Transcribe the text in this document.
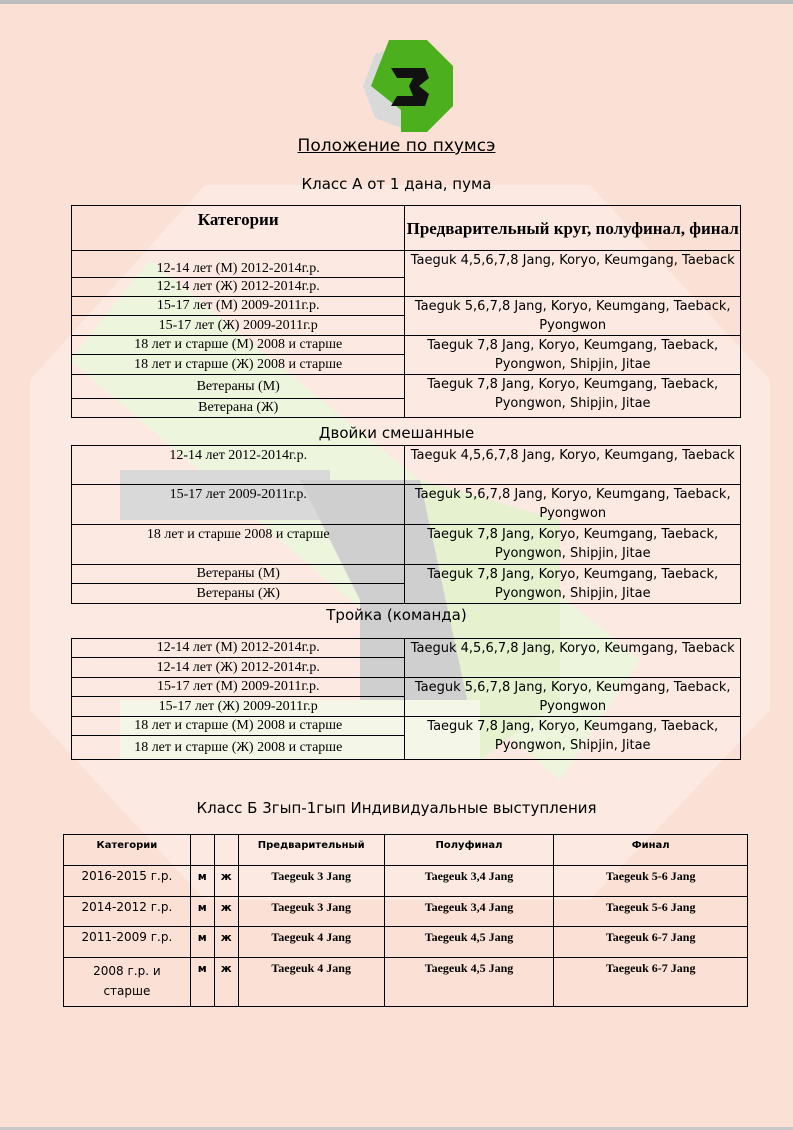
Положение по пхумсэ
Класс А от 1 дана, пума
Категории	Предварительный круг, полуфинал, финал
12-14 лет (М) 2012-2014г.р.	Taeguk 4,5,6,7,8 Jang, Koryo, Keumgang, Taeback
12-14 лет (Ж) 2012-2014г.р.	
15-17 лет (М) 2009-2011г.р.	Taeguk 5,6,7,8 Jang, Koryo, Keumgang, Taeback, Pyongwon
15-17 лет (Ж) 2009-2011г.р	
18 лет и старше (М) 2008 и старше	Taeguk 7,8 Jang, Koryo, Keumgang, Taeback, Pyongwon, Shipjin, Jitae
18 лет и старше (Ж) 2008 и старше	
Ветераны (М)	Taeguk 7,8 Jang, Koryo, Keumgang, Taeback, Pyongwon, Shipjin, Jitae
Ветерана (Ж)	
Двойки смешанные
12-14 лет 2012-2014г.р.	Taeguk 4,5,6,7,8 Jang, Koryo, Keumgang, Taeback
15-17 лет 2009-2011г.р.	Taeguk 5,6,7,8 Jang, Koryo, Keumgang, Taeback, Pyongwon
18 лет и старше 2008 и старше	Taeguk 7,8 Jang, Koryo, Keumgang, Taeback, Pyongwon, Shipjin, Jitae
Ветераны (М)	Taeguk 7,8 Jang, Koryo, Keumgang, Taeback, Pyongwon, Shipjin, Jitae
Ветераны (Ж)	
Тройка (команда)
12-14 лет (М) 2012-2014г.р.	Taeguk 4,5,6,7,8 Jang, Koryo, Keumgang, Taeback
12-14 лет (Ж) 2012-2014г.р.	
15-17 лет (М) 2009-2011г.р.	Taeguk 5,6,7,8 Jang, Koryo, Keumgang, Taeback, Pyongwon
15-17 лет (Ж) 2009-2011г.р	
18 лет и старше (М) 2008 и старше	Taeguk 7,8 Jang, Koryo, Keumgang, Taeback, Pyongwon, Shipjin, Jitae
18 лет и старше (Ж) 2008 и старше	
Класс Б 3гып-1гып Индивидуальные выступления
Категории			Предварительный	Полуфинал	Финал
2016-2015 г.р.	м	ж	Taegeuk 3 Jang	Taegeuk 3,4 Jang	Taegeuk 5-6 Jang
2014-2012 г.р.	м	ж	Taegeuk 3 Jang	Taegeuk 3,4 Jang	Taegeuk 5-6 Jang
2011-2009 г.р.	м	ж	Taegeuk 4 Jang	Taegeuk 4,5 Jang	Taegeuk 6-7 Jang
2008 г.р. и старше	м	ж	Taegeuk 4 Jang	Taegeuk 4,5 Jang	Taegeuk 6-7 Jang
